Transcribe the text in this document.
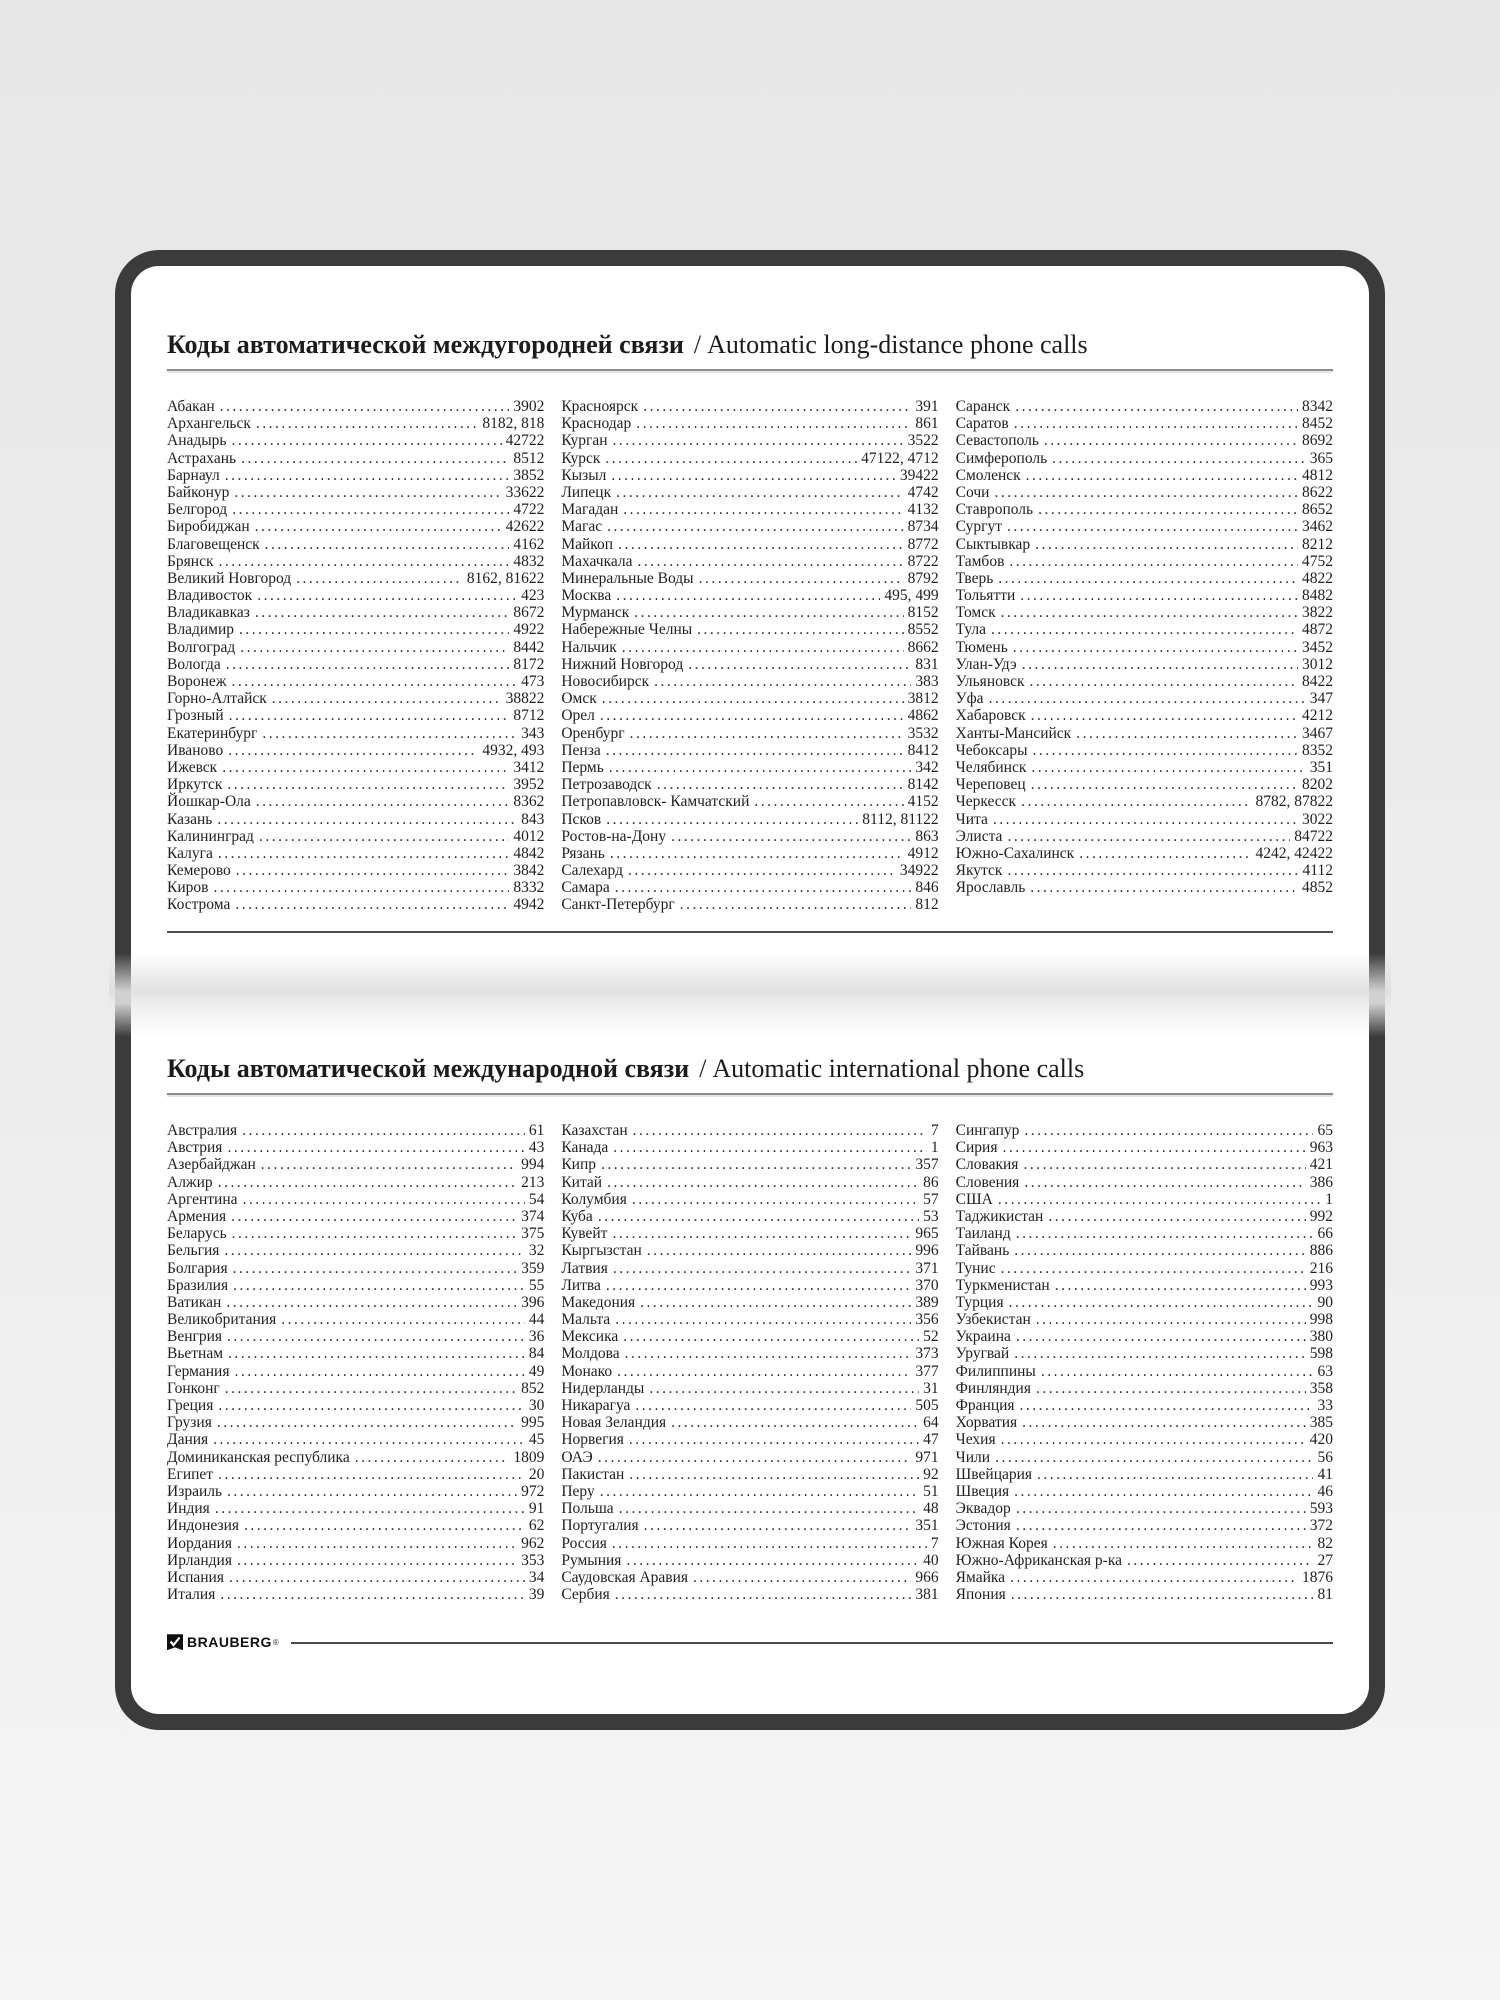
Коды автоматической междугородней связи / Automatic long-distance phone calls
Абакан .....	3902
Архангельск .....	8182, 818
Анадырь .....	42722
Астрахань .....	8512
Барнаул .....	3852
Байконур .....	33622
Белгород .....	4722
Биробиджан .....	42622
Благовещенск .....	4162
Брянск .....	4832
Великий Новгород .....	8162, 81622
Владивосток .....	423
Владикавказ .....	8672
Владимир .....	4922
Волгоград .....	8442
Вологда .....	8172
Воронеж .....	473
Горно-Алтайск .....	38822
Грозный .....	8712
Екатеринбург .....	343
Иваново .....	4932, 493
Ижевск .....	3412
Иркутск .....	3952
Йошкар-Ола .....	8362
Казань .....	843
Калининград .....	4012
Калуга .....	4842
Кемерово .....	3842
Киров .....	8332
Кострома .....	4942
Красноярск .....	391
Краснодар .....	861
Курган .....	3522
Курск .....	47122, 4712
Кызыл .....	39422
Липецк .....	4742
Магадан .....	4132
Магас .....	8734
Майкоп .....	8772
Махачкала .....	8722
Минеральные Воды .....	8792
Москва .....	495, 499
Мурманск .....	8152
Набережные Челны .....	8552
Нальчик .....	8662
Нижний Новгород .....	831
Новосибирск .....	383
Омск .....	3812
Орел .....	4862
Оренбург .....	3532
Пенза .....	8412
Пермь .....	342
Петрозаводск .....	8142
Петропавловск- Камчатский .....	4152
Псков .....	8112, 81122
Ростов-на-Дону .....	863
Рязань .....	4912
Салехард .....	34922
Самара .....	846
Санкт-Петербург .....	812
Саранск .....	8342
Саратов .....	8452
Севастополь .....	8692
Симферополь .....	365
Смоленск .....	4812
Сочи .....	8622
Ставрополь .....	8652
Сургут .....	3462
Сыктывкар .....	8212
Тамбов .....	4752
Тверь .....	4822
Тольятти .....	8482
Томск .....	3822
Тула .....	4872
Тюмень .....	3452
Улан-Удэ .....	3012
Ульяновск .....	8422
Уфа .....	347
Хабаровск .....	4212
Ханты-Мансийск .....	3467
Чебоксары .....	8352
Челябинск .....	351
Череповец .....	8202
Черкесск .....	8782, 87822
Чита .....	3022
Элиста .....	84722
Южно-Сахалинск .....	4242, 42422
Якутск .....	4112
Ярославль .....	4852
Коды автоматической международной связи / Automatic international phone calls
Австралия .....	61
Австрия .....	43
Азербайджан .....	994
Алжир .....	213
Аргентина .....	54
Армения .....	374
Беларусь .....	375
Бельгия .....	32
Болгария .....	359
Бразилия .....	55
Ватикан .....	396
Великобритания .....	44
Венгрия .....	36
Вьетнам .....	84
Германия .....	49
Гонконг .....	852
Греция .....	30
Грузия .....	995
Дания .....	45
Доминиканская республика .....	1809
Египет .....	20
Израиль .....	972
Индия .....	91
Индонезия .....	62
Иордания .....	962
Ирландия .....	353
Испания .....	34
Италия .....	39
Казахстан .....	7
Канада .....	1
Кипр .....	357
Китай .....	86
Колумбия .....	57
Куба .....	53
Кувейт .....	965
Кыргызстан .....	996
Латвия .....	371
Литва .....	370
Македония .....	389
Мальта .....	356
Мексика .....	52
Молдова .....	373
Монако .....	377
Нидерланды .....	31
Никарагуа .....	505
Новая Зеландия .....	64
Норвегия .....	47
ОАЭ .....	971
Пакистан .....	92
Перу .....	51
Польша .....	48
Португалия .....	351
Россия .....	7
Румыния .....	40
Саудовская Аравия .....	966
Сербия .....	381
Сингапур .....	65
Сирия .....	963
Словакия .....	421
Словения .....	386
США .....	1
Таджикистан .....	992
Таиланд .....	66
Тайвань .....	886
Тунис .....	216
Туркменистан .....	993
Турция .....	90
Узбекистан .....	998
Украина .....	380
Уругвай .....	598
Филиппины .....	63
Финляндия .....	358
Франция .....	33
Хорватия .....	385
Чехия .....	420
Чили .....	56
Швейцария .....	41
Швеция .....	46
Эквадор .....	593
Эстония .....	372
Южная Корея .....	82
Южно-Африканская р-ка .....	27
Ямайка .....	1876
Япония .....	81
BRAUBERG ®
